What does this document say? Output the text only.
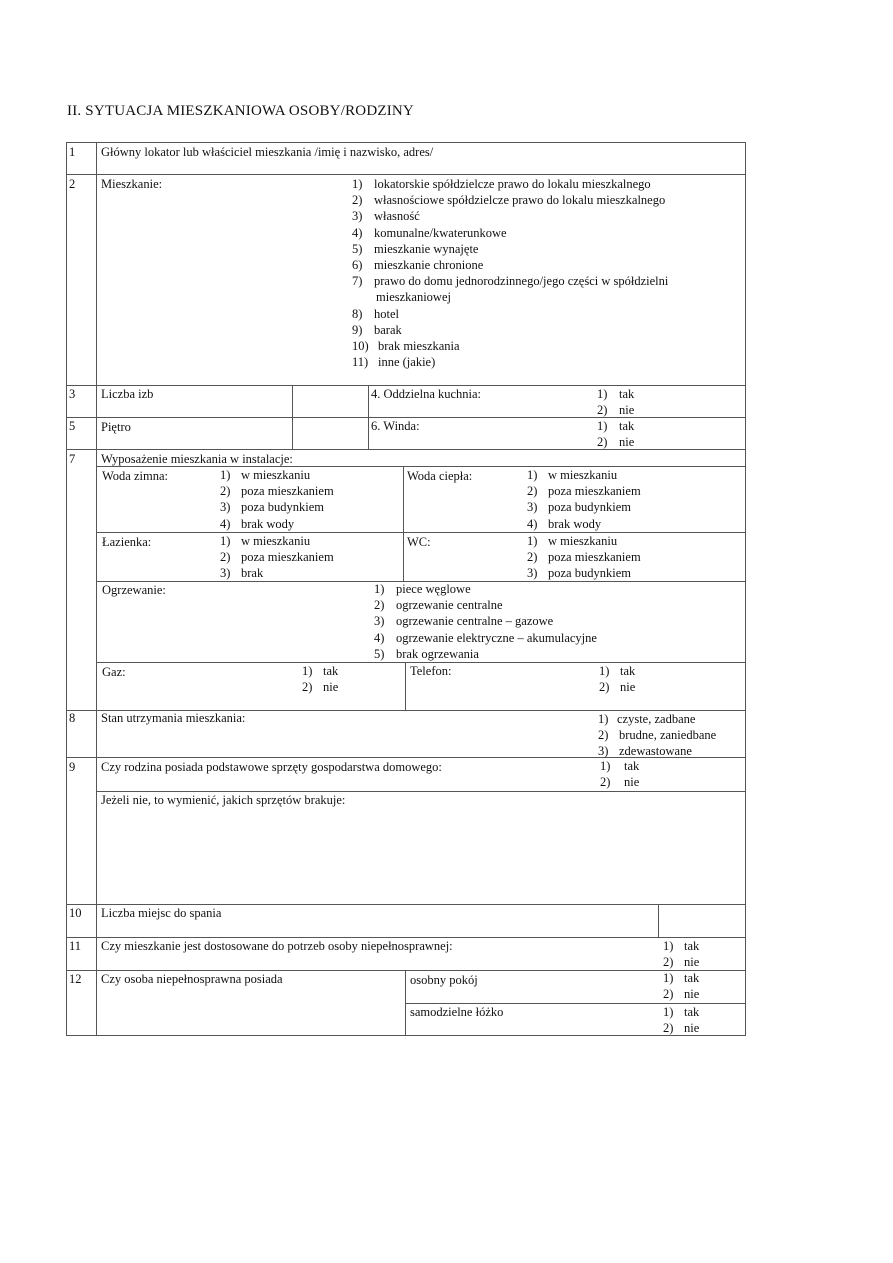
II. SYTUACJA MIESZKANIOWA OSOBY/RODZINY
1 Główny lokator lub właściciel mieszkania /imię i nazwisko, adres/
2 Mieszkanie:	1) lokatorskie spółdzielcze prawo do lokalu mieszkalnego
2) własnościowe spółdzielcze prawo do lokalu mieszkalnego
3) własność
4) komunalne/kwaterunkowe
5) mieszkanie wynajęte
6) mieszkanie chronione
7) prawo do domu jednorodzinnego/jego części w spółdzielni
mieszkaniowej
8) hotel
9) barak
10) brak mieszkania
11) inne (jakie)
3 Liczba izb	4. Oddzielna kuchnia:	1) tak
2) nie
5 Piętro	6. Winda:	1) tak
2) nie
7 Wyposażenie mieszkania w instalacje:
Woda zimna:	1) w mieszkaniu
2) poza mieszkaniem
3) poza budynkiem
4) brak wody
Woda ciepła:	1) w mieszkaniu
2) poza mieszkaniem
3) poza budynkiem
4) brak wody
Łazienka:	1) w mieszkaniu
2) poza mieszkaniem
3) brak
WC:	1) w mieszkaniu
2) poza mieszkaniem
3) poza budynkiem
Ogrzewanie:	1) piece węglowe
2) ogrzewanie centralne
3) ogrzewanie centralne – gazowe
4) ogrzewanie elektryczne – akumulacyjne
5) brak ogrzewania
Gaz:	1) tak
2) nie
Telefon:	1) tak
2) nie
8 Stan utrzymania mieszkania:	1) czyste, zadbane
2) brudne, zaniedbane
3) zdewastowane
9 Czy rodzina posiada podstawowe sprzęty gospodarstwa domowego:	1) tak
2) nie
Jeżeli nie, to wymienić, jakich sprzętów brakuje:
10 Liczba miejsc do spania
11 Czy mieszkanie jest dostosowane do potrzeb osoby niepełnosprawnej:	1) tak
2) nie
12 Czy osoba niepełnosprawna posiada	osobny pokój	1) tak
2) nie
samodzielne łóżko	1) tak
2) nie
